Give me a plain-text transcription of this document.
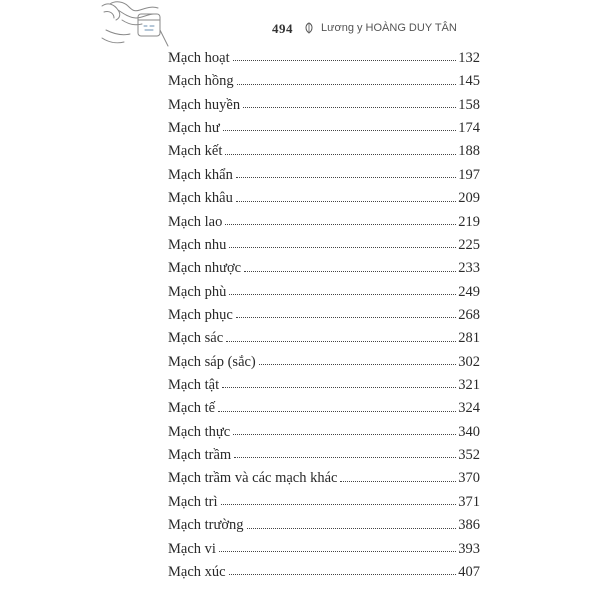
494	Lương y HOÀNG DUY TÂN
Mạch hoạt	132
Mạch hồng	145
Mạch huyền	158
Mạch hư	174
Mạch kết	188
Mạch khẩn	197
Mạch khâu	209
Mạch lao	219
Mạch nhu	225
Mạch nhược	233
Mạch phù	249
Mạch phục	268
Mạch sác	281
Mạch sáp (sắc)	302
Mạch tật	321
Mạch tế	324
Mạch thực	340
Mạch trầm	352
Mạch trầm và các mạch khác	370
Mạch trì	371
Mạch trường	386
Mạch vi	393
Mạch xúc	407
